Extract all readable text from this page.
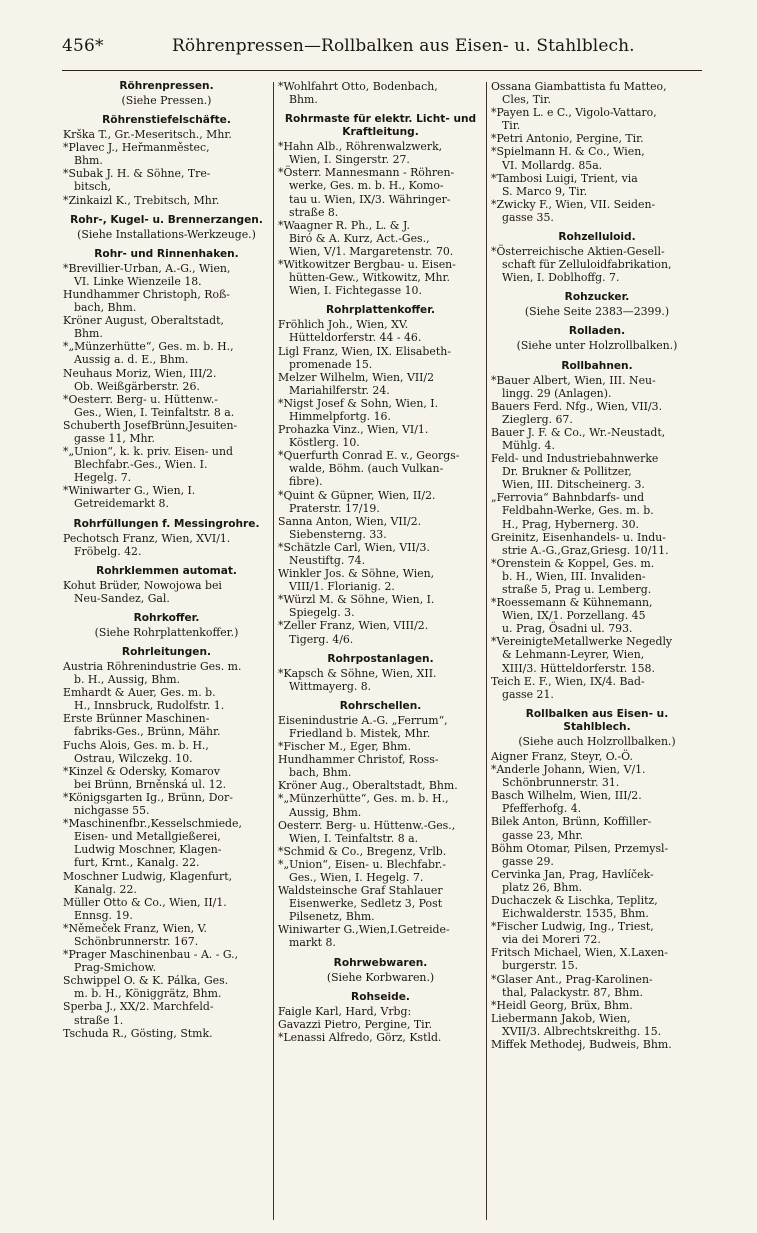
456*	Röhrenpressen—Rollbalken aus Eisen- u. Stahlblech.
Röhrenpressen.
(Siehe Pressen.)
Röhrenstiefelschäfte.
Krška T., Gr.-Meseritsch., Mhr.
*Plavec J., Heřmanměstec,
Bhm.
*Subak J. H. & Söhne, Tre-
bitsch,
*Zinkaizl K., Trebitsch, Mhr.
Rohr-, Kugel- u. Brennerzangen.
(Siehe Installations-Werkzeuge.)
Rohr- und Rinnenhaken.
*Brevillier-Urban, A.-G., Wien,
VI. Linke Wienzeile 18.
Hundhammer Christoph, Roß-
bach, Bhm.
Kröner August, Oberaltstadt,
Bhm.
*„Münzerhütte“, Ges. m. b. H.,
Aussig a. d. E., Bhm.
Neuhaus Moriz, Wien, III/2.
Ob. Weißgärberstr. 26.
*Oesterr. Berg- u. Hüttenw.-
Ges., Wien, I. Teinfaltstr. 8 a.
Schuberth JosefBrünn,Jesuiten-
gasse 11, Mhr.
*„Union“, k. k. priv. Eisen- und
Blechfabr.-Ges., Wien. I.
Hegelg. 7.
*Winiwarter G., Wien, I.
Getreidemarkt 8.
Rohrfüllungen f. Messingrohre.
Pechotsch Franz, Wien, XVI/1.
Fröbelg. 42.
Rohrklemmen automat.
Kohut Brüder, Nowojowa bei
Neu-Sandez, Gal.
Rohrkoffer.
(Siehe Rohrplattenkoffer.)
Rohrleitungen.
Austria Röhrenindustrie Ges. m.
b. H., Aussig, Bhm.
Emhardt & Auer, Ges. m. b.
H., Innsbruck, Rudolfstr. 1.
Erste Brünner Maschinen-
fabriks-Ges., Brünn, Mähr.
Fuchs Alois, Ges. m. b. H.,
Ostrau, Wilczekg. 10.
*Kinzel & Odersky, Komarov
bei Brünn, Brněnská ul. 12.
*Königsgarten Ig., Brünn, Dor-
nichgasse 55.
*Maschinenfbr.,Kesselschmiede,
Eisen- und Metallgießerei,
Ludwig Moschner, Klagen-
furt, Krnt., Kanalg. 22.
Moschner Ludwig, Klagenfurt,
Kanalg. 22.
Müller Otto & Co., Wien, II/1.
Ennsg. 19.
*Němeček Franz, Wien, V.
Schönbrunnerstr. 167.
*Prager Maschinenbau - A. - G.,
Prag-Smichow.
Schwippel O. & K. Pálka, Ges.
m. b. H., Königgrätz, Bhm.
Sperba J., XX/2. Marchfeld-
straße 1.
Tschuda R., Gösting, Stmk.
*Wohlfahrt Otto, Bodenbach,
Bhm.
Rohrmaste für elektr. Licht- und Kraftleitung.
*Hahn Alb., Röhrenwalzwerk,
Wien, I. Singerstr. 27.
*Österr. Mannesmann - Röhren-
werke, Ges. m. b. H., Komo-
tau u. Wien, IX/3. Währinger-
straße 8.
*Waagner R. Ph., L. & J.
Biró & A. Kurz, Act.-Ges.,
Wien, V/1. Margaretenstr. 70.
*Witkowitzer Bergbau- u. Eisen-
hütten-Gew., Witkowitz, Mhr.
Wien, I. Fichtegasse 10.
Rohrplattenkoffer.
Fröhlich Joh., Wien, XV.
Hütteldorferstr. 44 - 46.
Ligl Franz, Wien, IX. Elisabeth-
promenade 15.
Melzer Wilhelm, Wien, VII/2
Mariahilferstr. 24.
*Nigst Josef & Sohn, Wien, I.
Himmelpfortg. 16.
Prohazka Vinz., Wien, VI/1.
Köstlerg. 10.
*Querfurth Conrad E. v., Georgs-
walde, Böhm. (auch Vulkan-
fibre).
*Quint & Güpner, Wien, II/2.
Praterstr. 17/19.
Sanna Anton, Wien, VII/2.
Siebensterng. 33.
*Schätzle Carl, Wien, VII/3.
Neustiftg. 74.
Winkler Jos. & Söhne, Wien,
VIII/1. Florianig. 2.
*Würzl M. & Söhne, Wien, I.
Spiegelg. 3.
*Zeller Franz, Wien, VIII/2.
Tigerg. 4/6.
Rohrpostanlagen.
*Kapsch & Söhne, Wien, XII.
Wittmayerg. 8.
Rohrschellen.
Eisenindustrie A.-G. „Ferrum“,
Friedland b. Mistek, Mhr.
*Fischer M., Eger, Bhm.
Hundhammer Christof, Ross-
bach, Bhm.
Kröner Aug., Oberaltstadt, Bhm.
*„Münzerhütte“, Ges. m. b. H.,
Aussig, Bhm.
Oesterr. Berg- u. Hüttenw.-Ges.,
Wien, I. Teinfaltstr. 8 a.
*Schmid & Co., Bregenz, Vrlb.
*„Union“, Eisen- u. Blechfabr.-
Ges., Wien, I. Hegelg. 7.
Waldsteinsche Graf Stahlauer
Eisenwerke, Sedletz 3, Post
Pilsenetz, Bhm.
Winiwarter G.,Wien,I.Getreide-
markt 8.
Rohrwebwaren.
(Siehe Korbwaren.)
Rohseide.
Faigle Karl, Hard, Vrbg:
Gavazzi Pietro, Pergine, Tir.
*Lenassi Alfredo, Görz, Kstld.
Ossana Giambattista fu Matteo,
Cles, Tir.
*Payen L. e C., Vigolo-Vattaro,
Tir.
*Petri Antonio, Pergine, Tir.
*Spielmann H. & Co., Wien,
VI. Mollardg. 85a.
*Tambosi Luigi, Trient, via
S. Marco 9, Tir.
*Zwicky F., Wien, VII. Seiden-
gasse 35.
Rohzelluloid.
*Österreichische Aktien-Gesell-
schaft für Zelluloidfabrikation,
Wien, I. Doblhoffg. 7.
Rohzucker.
(Siehe Seite 2383—2399.)
Rolladen.
(Siehe unter Holzrollbalken.)
Rollbahnen.
*Bauer Albert, Wien, III. Neu-
lingg. 29 (Anlagen).
Bauers Ferd. Nfg., Wien, VII/3.
Zieglerg. 67.
Bauer J. F. & Co., Wr.-Neustadt,
Mühlg. 4.
Feld- und Industriebahnwerke
Dr. Brukner & Pollitzer,
Wien, III. Ditscheinerg. 3.
„Ferrovia“ Bahnbdarfs- und
Feldbahn-Werke, Ges. m. b.
H., Prag, Hybernerg. 30.
Greinitz, Eisenhandels- u. Indu-
strie A.-G.,Graz,Griesg. 10/11.
*Orenstein & Koppel, Ges. m.
b. H., Wien, III. Invaliden-
straße 5, Prag u. Lemberg.
*Roessemann & Kühnemann,
Wien, IX/1. Porzellang. 45
u. Prag, Ösadni ul. 793.
*VereinigteMetallwerke Negedly
& Lehmann-Leyrer, Wien,
XIII/3. Hütteldorferstr. 158.
Teich E. F., Wien, IX/4. Bad-
gasse 21.
Rollbalken aus Eisen- u. Stahlblech.
(Siehe auch Holzrollbalken.)
Aigner Franz, Steyr, O.-Ö.
*Anderle Johann, Wien, V/1.
Schönbrunnerstr. 31.
Basch Wilhelm, Wien, III/2.
Pfefferhofg. 4.
Bilek Anton, Brünn, Koffiller-
gasse 23, Mhr.
Böhm Otomar, Pilsen, Przemysl-
gasse 29.
Cervinka Jan, Prag, Havlíček-
platz 26, Bhm.
Duchaczek & Lischka, Teplitz,
Eichwalderstr. 1535, Bhm.
*Fischer Ludwig, Ing., Triest,
via dei Moreri 72.
Fritsch Michael, Wien, X.Laxen-
burgerstr. 15.
*Glaser Ant., Prag-Karolinen-
thal, Palackystr. 87, Bhm.
*Heidl Georg, Brüx, Bhm.
Liebermann Jakob, Wien,
XVII/3. Albrechtskreithg. 15.
Miffek Methodej, Budweis, Bhm.
